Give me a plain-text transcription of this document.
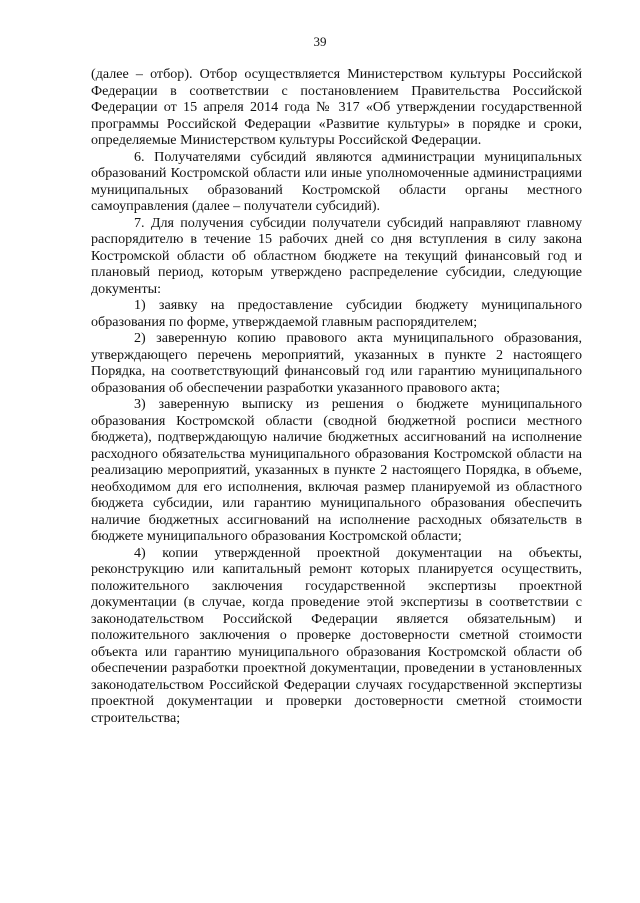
39

(далее – отбор). Отбор осуществляется Министерством культуры Российской Федерации в соответствии с постановлением Правительства Российской Федерации от 15 апреля 2014 года № 317 «Об утверждении государственной программы Российской Федерации «Развитие культуры» в порядке и сроки, определяемые Министерством культуры Российской Федерации.

6. Получателями субсидий являются администрации муниципальных образований Костромской области или иные уполномоченные администрациями муниципальных образований Костромской области органы местного самоуправления (далее – получатели субсидий).

7. Для получения субсидии получатели субсидий направляют главному распорядителю в течение 15 рабочих дней со дня вступления в силу закона Костромской области об областном бюджете на текущий финансовый год и плановый период, которым утверждено распределение субсидии, следующие документы:

1) заявку на предоставление субсидии бюджету муниципального образования по форме, утверждаемой главным распорядителем;

2) заверенную копию правового акта муниципального образования, утверждающего перечень мероприятий, указанных в пункте 2 настоящего Порядка, на соответствующий финансовый год или гарантию муниципального образования об обеспечении разработки указанного правового акта;

3) заверенную выписку из решения о бюджете муниципального образования Костромской области (сводной бюджетной росписи местного бюджета), подтверждающую наличие бюджетных ассигнований на исполнение расходного обязательства муниципального образования Костромской области на реализацию мероприятий, указанных в пункте 2 настоящего Порядка, в объеме, необходимом для его исполнения, включая размер планируемой из областного бюджета субсидии, или гарантию муниципального образования обеспечить наличие бюджетных ассигнований на исполнение расходных обязательств в бюджете муниципального образования Костромской области;

4) копии утвержденной проектной документации на объекты, реконструкцию или капитальный ремонт которых планируется осуществить, положительного заключения государственной экспертизы проектной документации (в случае, когда проведение этой экспертизы в соответствии с законодательством Российской Федерации является обязательным) и положительного заключения о проверке достоверности сметной стоимости объекта или гарантию муниципального образования Костромской области об обеспечении разработки проектной документации, проведении в установленных законодательством Российской Федерации случаях государственной экспертизы проектной документации и проверки достоверности сметной стоимости строительства;
